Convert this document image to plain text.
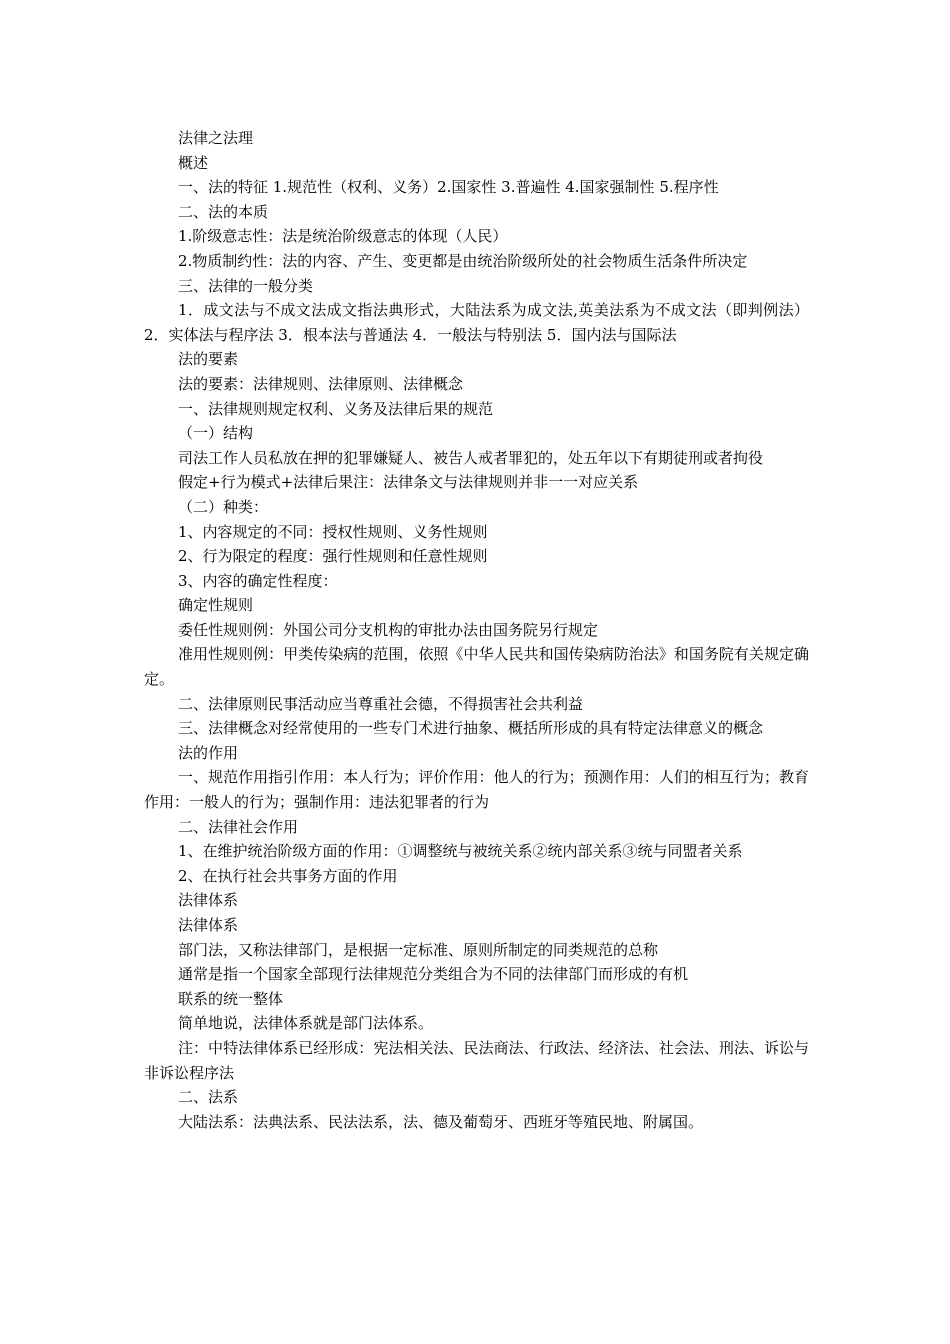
法律之法理

概述

一、法的特征 1.规范性（权利、义务）2.国家性 3.普遍性 4.国家强制性 5.程序性

二、法的本质

1.阶级意志性：法是统治阶级意志的体现（人民）

2.物质制约性：法的内容、产生、变更都是由统治阶级所处的社会物质生活条件所决定

三、法律的一般分类

1．成文法与不成文法成文指法典形式，大陆法系为成文法,英美法系为不成文法（即判例法）2．实体法与程序法 3．根本法与普通法 4．一般法与特别法 5．国内法与国际法

法的要素

法的要素：法律规则、法律原则、法律概念

一、法律规则规定权利、义务及法律后果的规范

（一）结构

司法工作人员私放在押的犯罪嫌疑人、被告人戒者罪犯的，处五年以下有期徒刑或者拘役

假定+行为模式+法律后果注：法律条文与法律规则并非一一对应关系

（二）种类：

1、内容规定的不同：授权性规则、义务性规则

2、行为限定的程度：强行性规则和任意性规则

3、内容的确定性程度：

确定性规则

委任性规则例：外国公司分支机构的审批办法由国务院另行规定

准用性规则例：甲类传染病的范围，依照《中华人民共和国传染病防治法》和国务院有关规定确定。

二、法律原则民事活动应当尊重社会德，不得损害社会共利益

三、法律概念对经常使用的一些专门术进行抽象、概括所形成的具有特定法律意义的概念

法的作用

一、规范作用指引作用：本人行为；评价作用：他人的行为；预测作用：人们的相互行为；教育作用：一般人的行为；强制作用：违法犯罪者的行为

二、法律社会作用

1、在维护统治阶级方面的作用：①调整统与被统关系②统内部关系③统与同盟者关系

2、在执行社会共事务方面的作用

法律体系

法律体系

部门法，又称法律部门，是根据一定标准、原则所制定的同类规范的总称

通常是指一个国家全部现行法律规范分类组合为不同的法律部门而形成的有机

联系的统一整体

简单地说，法律体系就是部门法体系。

注：中特法律体系已经形成：宪法相关法、民法商法、行政法、经济法、社会法、刑法、诉讼与非诉讼程序法

二、法系

大陆法系：法典法系、民法法系，法、德及葡萄牙、西班牙等殖民地、附属国。
